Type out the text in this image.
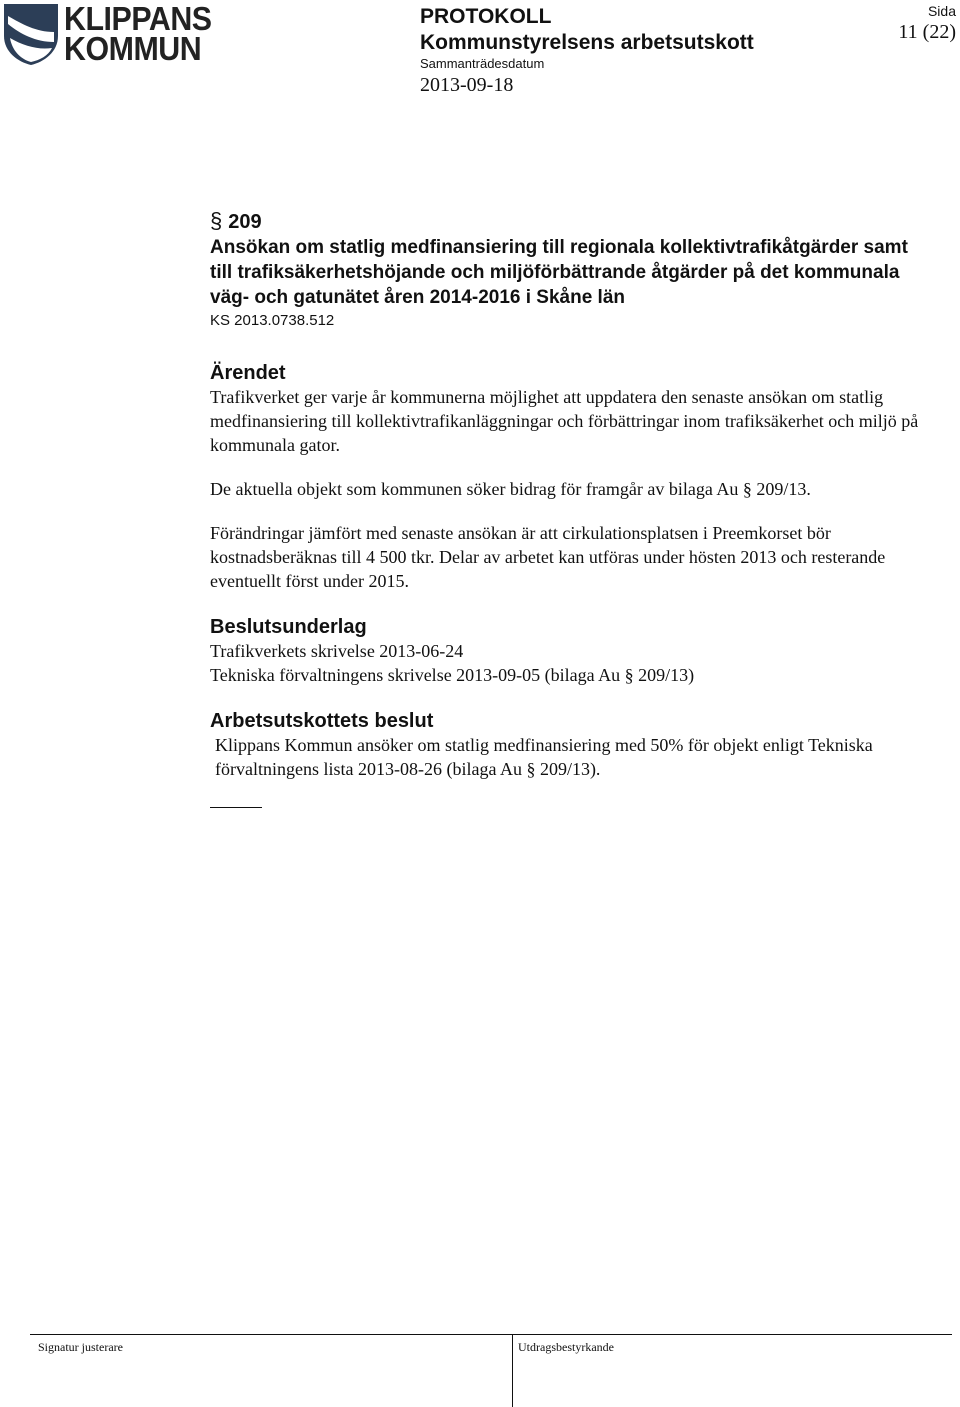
KLIPPANS
KOMMUN
PROTOKOLL
Kommunstyrelsens arbetsutskott
Sammanträdesdatum
2013-09-18
Sida
11 (22)
§ 209
Ansökan om statlig medfinansiering till regionala kollektivtrafikåtgärder samt till trafiksäkerhetshöjande och miljöförbättrande åtgärder på det kommunala väg- och gatunätet åren 2014-2016 i Skåne län
KS 2013.0738.512
Ärendet

Trafikverket ger varje år kommunerna möjlighet att uppdatera den senaste ansökan om statlig medfinansiering till kollektivtrafikanläggningar och förbättringar inom trafiksäkerhet och miljö på kommunala gator.

De aktuella objekt som kommunen söker bidrag för framgår av bilaga Au § 209/13.

Förändringar jämfört med senaste ansökan är att cirkulationsplatsen i Preemkorset bör kostnadsberäknas till 4 500 tkr. Delar av arbetet kan utföras under hösten 2013 och resterande eventuellt först under 2015.

Beslutsunderlag

Trafikverkets skrivelse 2013-06-24

Tekniska förvaltningens skrivelse 2013-09-05 (bilaga Au § 209/13)

Arbetsutskottets beslut

Klippans Kommun ansöker om statlig medfinansiering med 50% för objekt enligt Tekniska förvaltningens lista 2013-08-26 (bilaga Au § 209/13).

Signatur justerare	Utdragsbestyrkande
